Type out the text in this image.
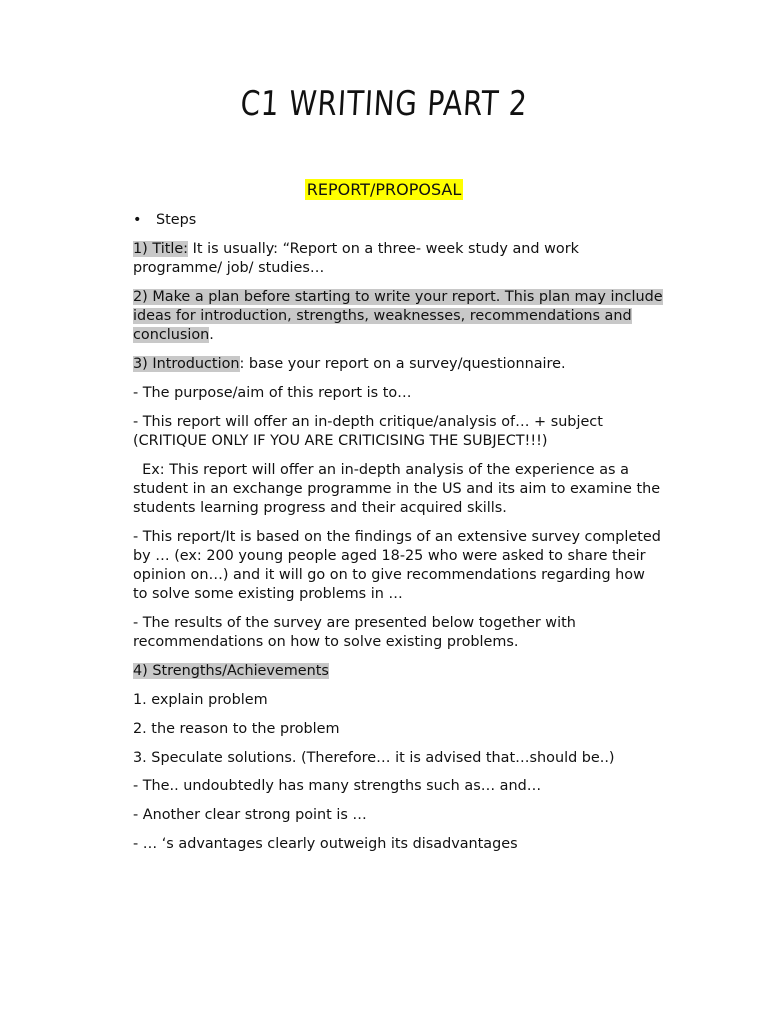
C1 WRITING PART 2
REPORT/PROPOSAL
•	Steps

1) Title: It is usually: “Report on a three- week study and work programme/ job/ studies…

2) Make a plan before starting to write your report. This plan may include ideas for introduction, strengths, weaknesses, recommendations and conclusion.

3) Introduction: base your report on a survey/questionnaire.

- The purpose/aim of this report is to…

- This report will offer an in-depth critique/analysis of… + subject (CRITIQUE ONLY IF YOU ARE CRITICISING THE SUBJECT!!!)

Ex: This report will offer an in-depth analysis of the experience as a student in an exchange programme in the US and its aim to examine the students learning progress and their acquired skills.

- This report/It is based on the findings of an extensive survey completed by … (ex: 200 young people aged 18-25 who were asked to share their opinion on…) and it will go on to give recommendations regarding how to solve some existing problems in …

- The results of the survey are presented below together with recommendations on how to solve existing problems.

4) Strengths/Achievements

1. explain problem

2. the reason to the problem

3. Speculate solutions. (Therefore… it is advised that…should be..)

- The.. undoubtedly has many strengths such as… and…

- Another clear strong point is …

- … ‘s advantages clearly outweigh its disadvantages
